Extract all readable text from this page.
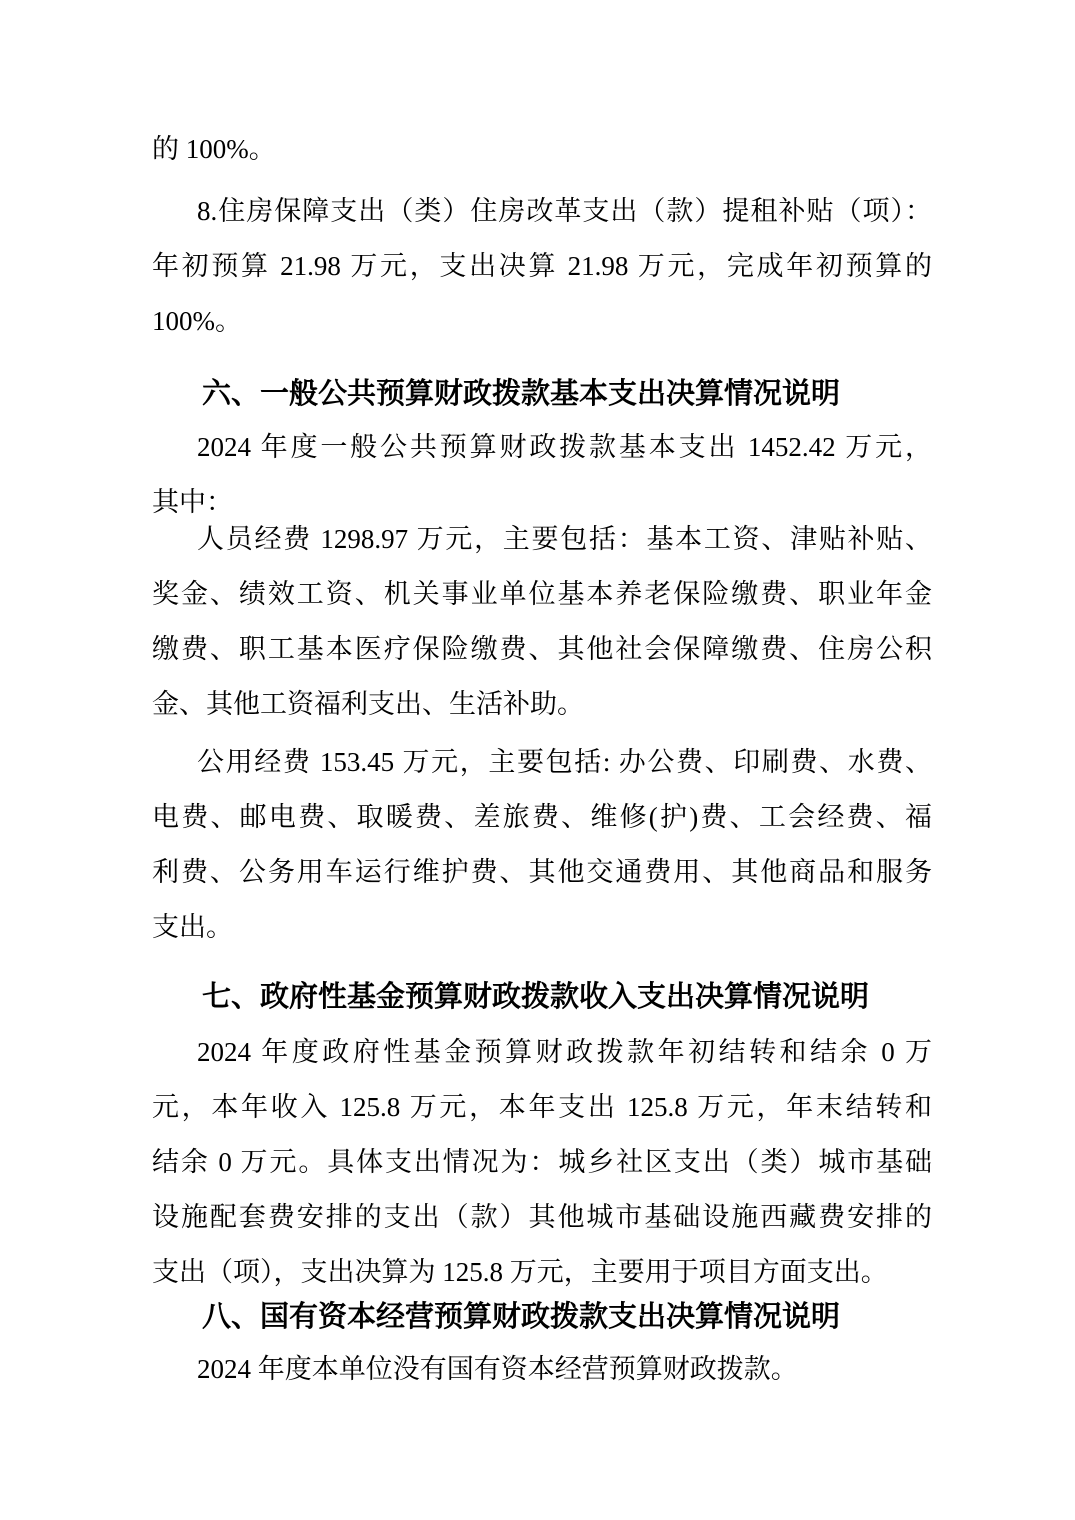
的 100%。

8.住房保障支出（类）住房改革支出（款）提租补贴（项）：
年初预算 21.98 万元，支出决算 21.98 万元，完成年初预算的
100%。

六、一般公共预算财政拨款基本支出决算情况说明

2024 年度一般公共预算财政拨款基本支出 1452.42 万元，
其中：

人员经费 1298.97 万元，主要包括：基本工资、津贴补贴、
奖金、绩效工资、机关事业单位基本养老保险缴费、职业年金
缴费、职工基本医疗保险缴费、其他社会保障缴费、住房公积
金、其他工资福利支出、生活补助。

公用经费 153.45 万元，主要包括: 办公费、印刷费、水费、
电费、邮电费、取暖费、差旅费、维修(护)费、工会经费、福
利费、公务用车运行维护费、其他交通费用、其他商品和服务
支出。

七、政府性基金预算财政拨款收入支出决算情况说明

2024 年度政府性基金预算财政拨款年初结转和结余 0 万
元，本年收入 125.8 万元，本年支出 125.8 万元，年末结转和
结余 0 万元。具体支出情况为：城乡社区支出（类）城市基础
设施配套费安排的支出（款）其他城市基础设施西藏费安排的
支出（项），支出决算为 125.8 万元，主要用于项目方面支出。

八、国有资本经营预算财政拨款支出决算情况说明

2024 年度本单位没有国有资本经营预算财政拨款。
